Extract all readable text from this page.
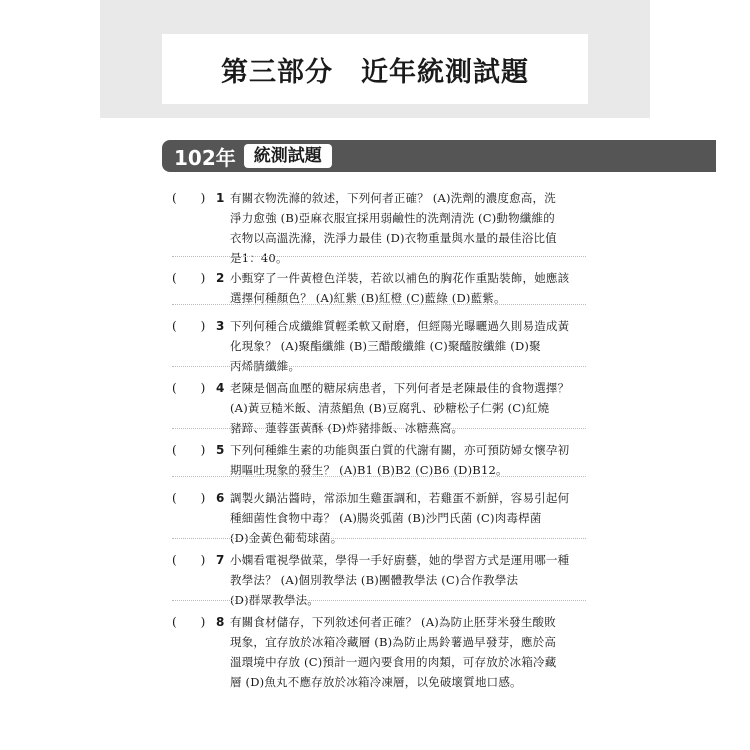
第三部分　近年統測試題
102年	統測試題
(　　) 1 有關衣物洗滌的敘述，下列何者正確？ (A)洗劑的濃度愈高，洗
淨力愈強 (B)亞麻衣服宜採用弱鹼性的洗劑清洗 (C)動物纖維的
衣物以高溫洗滌，洗淨力最佳 (D)衣物重量與水量的最佳浴比值
是1：40。
(　　) 2 小甄穿了一件黃橙色洋裝，若欲以補色的胸花作重點裝飾，她應該
選擇何種顏色？ (A)紅紫 (B)紅橙 (C)藍綠 (D)藍紫。
(　　) 3 下列何種合成纖維質輕柔軟又耐磨，但經陽光曝曬過久則易造成黃
化現象？ (A)聚酯纖維 (B)三醋酸纖維 (C)聚醯胺纖維 (D)聚
丙烯腈纖維。
(　　) 4 老陳是個高血壓的糖尿病患者，下列何者是老陳最佳的食物選擇？
(A)黃豆糙米飯、清蒸鯧魚 (B)豆腐乳、砂糖松子仁粥 (C)紅燒
豬蹄、蓮蓉蛋黃酥 (D)炸豬排飯、冰糖燕窩。
(　　) 5 下列何種維生素的功能與蛋白質的代謝有關，亦可預防婦女懷孕初
期嘔吐現象的發生？ (A)B1 (B)B2 (C)B6 (D)B12。
(　　) 6 調製火鍋沾醬時，常添加生雞蛋調和，若雞蛋不新鮮，容易引起何
種細菌性食物中毒？ (A)腸炎弧菌 (B)沙門氏菌 (C)肉毒桿菌
(D)金黃色葡萄球菌。
(　　) 7 小嫻看電視學做菜，學得一手好廚藝，她的學習方式是運用哪一種
教學法？ (A)個別教學法 (B)團體教學法 (C)合作教學法
(D)群眾教學法。
(　　) 8 有關食材儲存，下列敘述何者正確？ (A)為防止胚芽米發生酸敗
現象，宜存放於冰箱冷藏層 (B)為防止馬鈴薯過早發芽，應於高
溫環境中存放 (C)預計一週內要食用的肉類，可存放於冰箱冷藏
層 (D)魚丸不應存放於冰箱冷凍層，以免破壞質地口感。
